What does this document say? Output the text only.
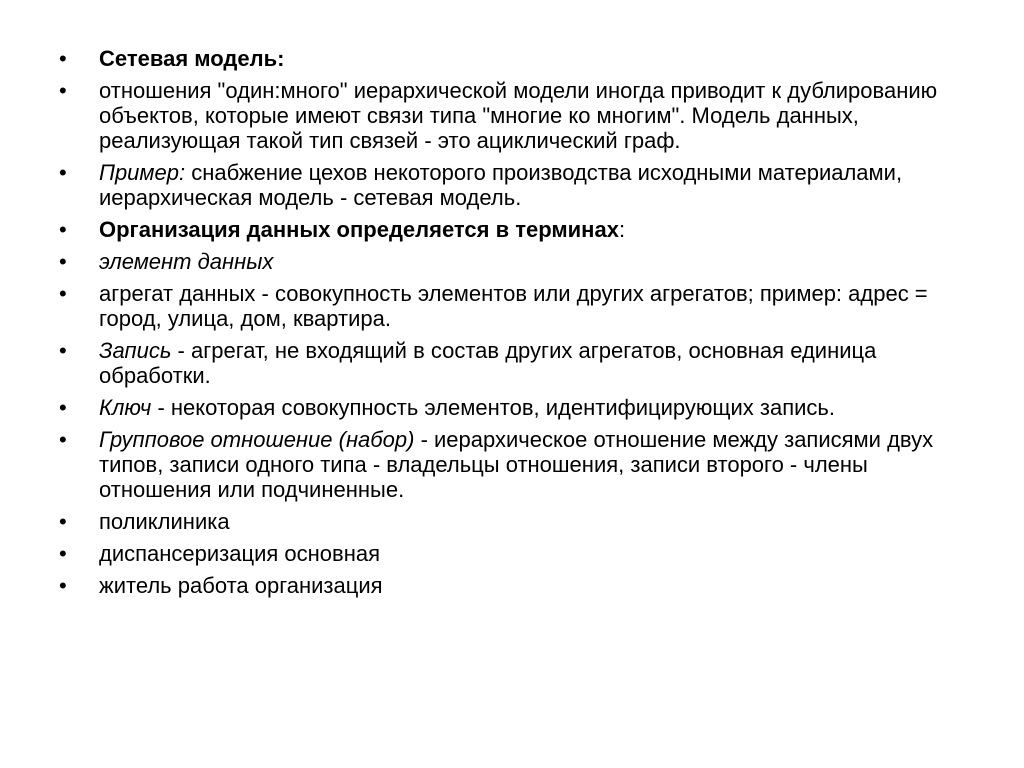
• Сетевая модель:
• отношения "один:много" иерархической модели иногда приводит к дублированию объектов, которые имеют связи типа "многие ко многим". Модель данных, реализующая такой тип связей - это ациклический граф.
• Пример: снабжение цехов некоторого производства исходными материалами, иерархическая модель - сетевая модель.
• Организация данных определяется в терминах:
• элемент данных
• агрегат данных - совокупность элементов или других агрегатов; пример: адрес = город, улица, дом, квартира.
• Запись - агрегат, не входящий в состав других агрегатов, основная единица обработки.
• Ключ - некоторая совокупность элементов, идентифицирующих запись.
• Групповое отношение (набор) - иерархическое отношение между записями двух типов, записи одного типа - владельцы отношения, записи второго - члены отношения или подчиненные.
• поликлиника
• диспансеризация основная
• житель работа организация
